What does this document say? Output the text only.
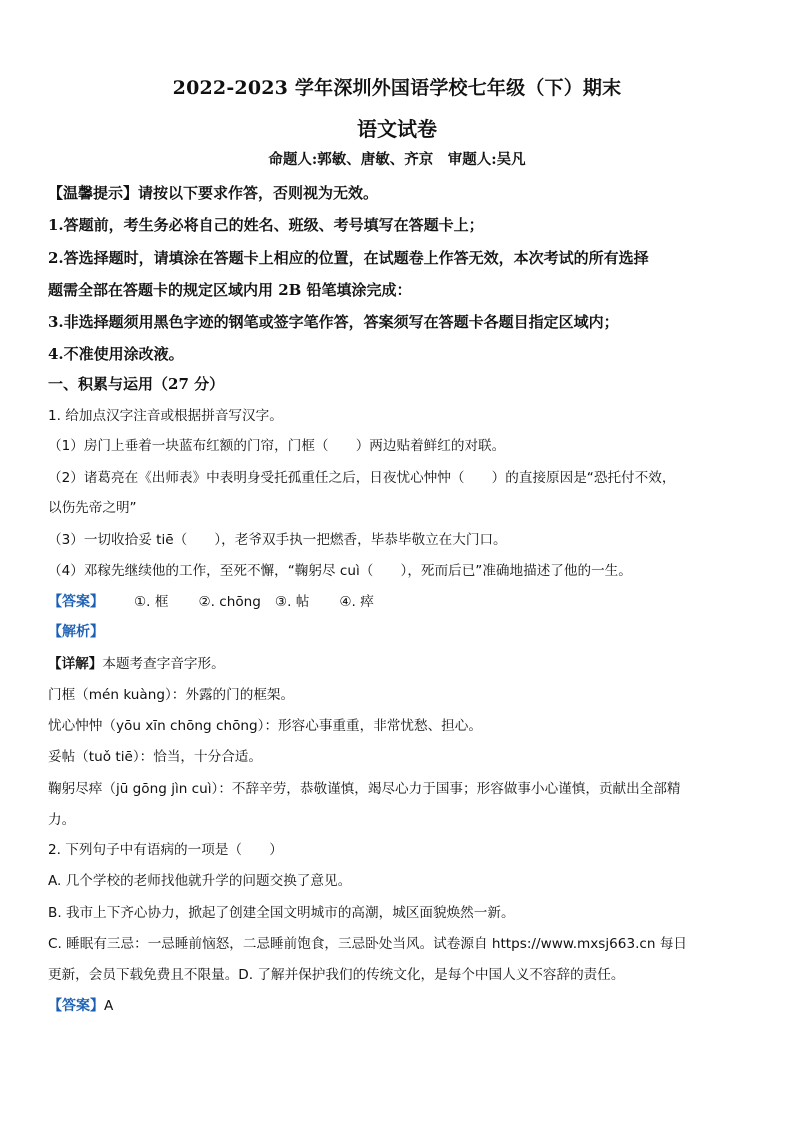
2022-2023 学年深圳外国语学校七年级（下）期末
语文试卷
命题人:郭敏、唐敏、齐京　审题人:吴凡
【温馨提示】请按以下要求作答，否则视为无效。
1.答题前，考生务必将自己的姓名、班级、考号填写在答题卡上；
2.答选择题时，请填涂在答题卡上相应的位置，在试题卷上作答无效，本次考试的所有选择
题需全部在答题卡的规定区域内用 2B 铅笔填涂完成：
3.非选择题须用黑色字迹的钢笔或签字笔作答，答案须写在答题卡各题目指定区域内；
4.不准使用涂改液。
一、积累与运用（27 分）
1. 给加点汉字注音或根据拼音写汉字。
（1）房门上垂着一块蓝布红额的门帘，门框（　　）两边贴着鲜红的对联。
（2）诸葛亮在《出师表》中表明身受托孤重任之后，日夜忧心忡忡（　　）的直接原因是“恐托付不效，
以伤先帝之明”
（3）一切收拾妥 tiē（　　），老爷双手执一把燃香，毕恭毕敬立在大门口。
（4）邓稼先继续他的工作，至死不懈，“鞠躬尽 cuì（　　），死而后已”准确地描述了他的一生。
【答案】 ①. 框 ②. chōng ③. 帖 ④. 瘁
【解析】
【详解】本题考查字音字形。
门框（mén kuàng）：外露的门的框架。
忧心忡忡（yōu xīn chōng chōng）：形容心事重重，非常忧愁、担心。
妥帖（tuǒ tiē）：恰当，十分合适。
鞠躬尽瘁（jū gōng jìn cuì）：不辞辛劳，恭敬谨慎，竭尽心力于国事；形容做事小心谨慎，贡献出全部精
力。
2. 下列句子中有语病的一项是（　　）
A. 几个学校的老师找他就升学的问题交换了意见。
B. 我市上下齐心协力，掀起了创建全国文明城市的高潮，城区面貌焕然一新。
C. 睡眠有三忌：一忌睡前恼怒，二忌睡前饱食，三忌卧处当风。试卷源自 https://www.mxsj663.cn 每日
更新，会员下载免费且不限量。D. 了解并保护我们的传统文化，是每个中国人义不容辞的责任。
【答案】A
